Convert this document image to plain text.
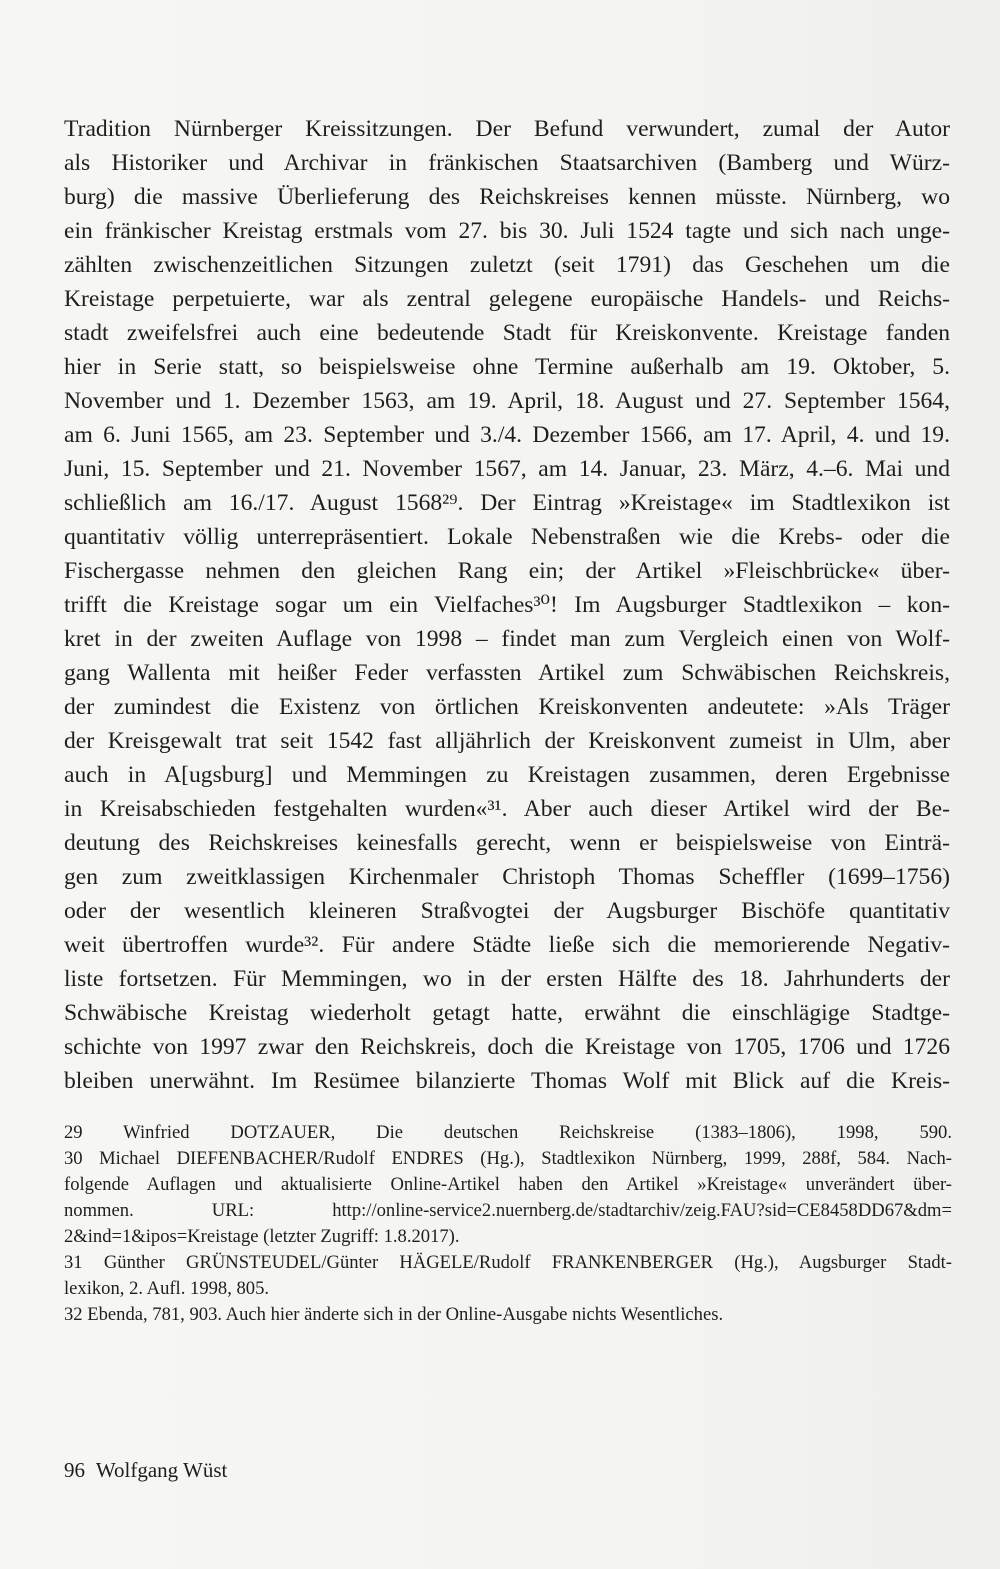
Tradition Nürnberger Kreissitzungen. Der Befund verwundert, zumal der Autor
als Historiker und Archivar in fränkischen Staatsarchiven (Bamberg und Würz-
burg) die massive Überlieferung des Reichskreises kennen müsste. Nürnberg, wo
ein fränkischer Kreistag erstmals vom 27. bis 30. Juli 1524 tagte und sich nach unge-
zählten zwischenzeitlichen Sitzungen zuletzt (seit 1791) das Geschehen um die
Kreistage perpetuierte, war als zentral gelegene europäische Handels- und Reichs-
stadt zweifelsfrei auch eine bedeutende Stadt für Kreiskonvente. Kreistage fanden
hier in Serie statt, so beispielsweise ohne Termine außerhalb am 19. Oktober, 5.
November und 1. Dezember 1563, am 19. April, 18. August und 27. September 1564,
am 6. Juni 1565, am 23. September und 3./4. Dezember 1566, am 17. April, 4. und 19.
Juni, 15. September und 21. November 1567, am 14. Januar, 23. März, 4.–6. Mai und
schließlich am 16./17. August 1568²⁹. Der Eintrag »Kreistage« im Stadtlexikon ist
quantitativ völlig unterrepräsentiert. Lokale Nebenstraßen wie die Krebs- oder die
Fischergasse nehmen den gleichen Rang ein; der Artikel »Fleischbrücke« über-
trifft die Kreistage sogar um ein Vielfaches³⁰! Im Augsburger Stadtlexikon – kon-
kret in der zweiten Auflage von 1998 – findet man zum Vergleich einen von Wolf-
gang Wallenta mit heißer Feder verfassten Artikel zum Schwäbischen Reichskreis,
der zumindest die Existenz von örtlichen Kreiskonventen andeutete: »Als Träger
der Kreisgewalt trat seit 1542 fast alljährlich der Kreiskonvent zumeist in Ulm, aber
auch in A[ugsburg] und Memmingen zu Kreistagen zusammen, deren Ergebnisse
in Kreisabschieden festgehalten wurden«³¹. Aber auch dieser Artikel wird der Be-
deutung des Reichskreises keinesfalls gerecht, wenn er beispielsweise von Einträ-
gen zum zweitklassigen Kirchenmaler Christoph Thomas Scheffler (1699–1756)
oder der wesentlich kleineren Straßvogtei der Augsburger Bischöfe quantitativ
weit übertroffen wurde³². Für andere Städte ließe sich die memorierende Negativ-
liste fortsetzen. Für Memmingen, wo in der ersten Hälfte des 18. Jahrhunderts der
Schwäbische Kreistag wiederholt getagt hatte, erwähnt die einschlägige Stadtge-
schichte von 1997 zwar den Reichskreis, doch die Kreistage von 1705, 1706 und 1726
bleiben unerwähnt. Im Resümee bilanzierte Thomas Wolf mit Blick auf die Kreis-
29 Winfried DOTZAUER, Die deutschen Reichskreise (1383–1806), 1998, 590.
30 Michael DIEFENBACHER/Rudolf ENDRES (Hg.), Stadtlexikon Nürnberg, 1999, 288f, 584. Nach-
folgende Auflagen und aktualisierte Online-Artikel haben den Artikel »Kreistage« unverändert über-
nommen. URL: http://online-service2.nuernberg.de/stadtarchiv/zeig.FAU?sid=CE8458DD67&dm=
2&ind=1&ipos=Kreistage (letzter Zugriff: 1.8.2017).
31 Günther GRÜNSTEUDEL/Günter HÄGELE/Rudolf FRANKENBERGER (Hg.), Augsburger Stadt-
lexikon, 2. Aufl. 1998, 805.
32 Ebenda, 781, 903. Auch hier änderte sich in der Online-Ausgabe nichts Wesentliches.
96 Wolfgang Wüst
